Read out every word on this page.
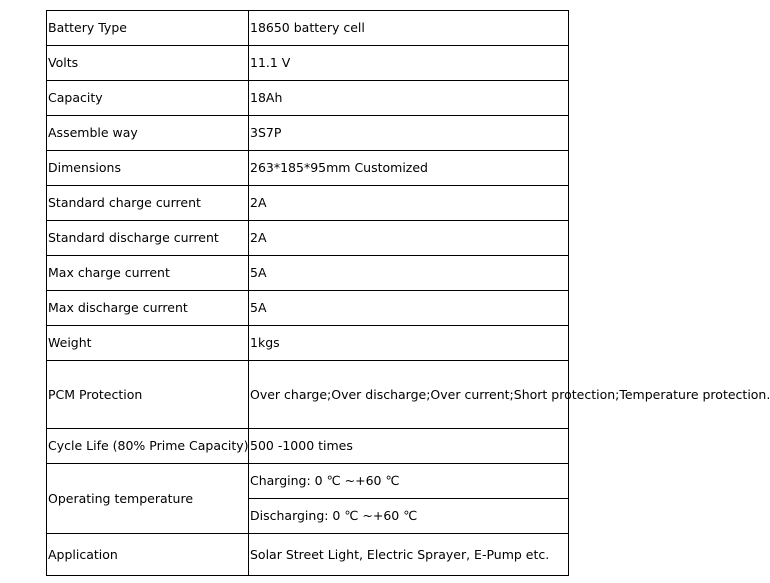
Battery Type	18650 battery cell
Volts	11.1 V
Capacity	18Ah
Assemble way	3S7P
Dimensions	263*185*95mm Customized
Standard charge current	2A
Standard discharge current	2A
Max charge current	5A
Max discharge current	5A
Weight	1kgs
PCM Protection	Over charge;Over discharge;Over current;Short protection;Temperature protection.
Cycle Life (80% Prime Capacity)	500 -1000 times
Operating temperature	Charging: 0 ℃ ~+60 ℃
	Discharging: 0 ℃ ~+60 ℃
Application	Solar Street Light, Electric Sprayer, E-Pump etc.
